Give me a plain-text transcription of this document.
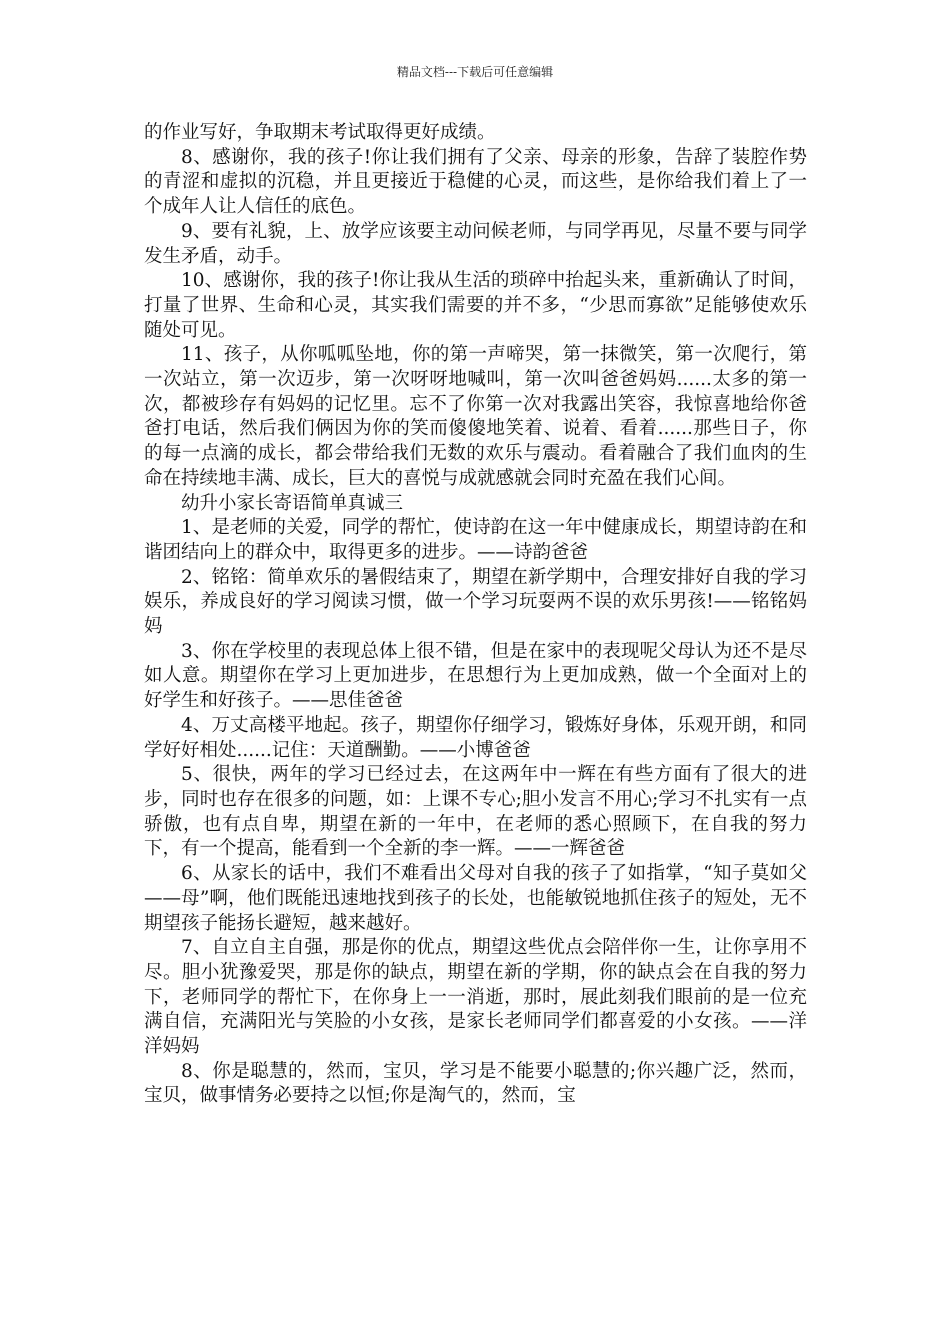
精品文档---下载后可任意编辑

的作业写好，争取期末考试取得更好成绩。

8、感谢你，我的孩子!你让我们拥有了父亲、母亲的形象，告辞了装腔作势的青涩和虚拟的沉稳，并且更接近于稳健的心灵，而这些，是你给我们着上了一个成年人让人信任的底色。

9、要有礼貌，上、放学应该要主动问候老师，与同学再见，尽量不要与同学发生矛盾，动手。

10、感谢你，我的孩子!你让我从生活的琐碎中抬起头来，重新确认了时间，打量了世界、生命和心灵，其实我们需要的并不多，“少思而寡欲”足能够使欢乐随处可见。

11、孩子，从你呱呱坠地，你的第一声啼哭，第一抹微笑，第一次爬行，第一次站立，第一次迈步，第一次呀呀地喊叫，第一次叫爸爸妈妈......太多的第一次，都被珍存有妈妈的记忆里。忘不了你第一次对我露出笑容，我惊喜地给你爸爸打电话，然后我们俩因为你的笑而傻傻地笑着、说着、看着......那些日子，你的每一点滴的成长，都会带给我们无数的欢乐与震动。看着融合了我们血肉的生命在持续地丰满、成长，巨大的喜悦与成就感就会同时充盈在我们心间。

幼升小家长寄语简单真诚三

1、是老师的关爱，同学的帮忙，使诗韵在这一年中健康成长，期望诗韵在和谐团结向上的群众中，取得更多的进步。——诗韵爸爸

2、铭铭：简单欢乐的暑假结束了，期望在新学期中，合理安排好自我的学习娱乐，养成良好的学习阅读习惯，做一个学习玩耍两不误的欢乐男孩!——铭铭妈妈

3、你在学校里的表现总体上很不错，但是在家中的表现呢父母认为还不是尽如人意。期望你在学习上更加进步，在思想行为上更加成熟，做一个全面对上的好学生和好孩子。——思佳爸爸

4、万丈高楼平地起。孩子，期望你仔细学习，锻炼好身体，乐观开朗，和同学好好相处......记住：天道酬勤。——小博爸爸

5、很快，两年的学习已经过去，在这两年中一辉在有些方面有了很大的进步，同时也存在很多的问题，如：上课不专心;胆小发言不用心;学习不扎实有一点骄傲，也有点自卑，期望在新的一年中，在老师的悉心照顾下，在自我的努力下，有一个提高，能看到一个全新的李一辉。——一辉爸爸

6、从家长的话中，我们不难看出父母对自我的孩子了如指掌，“知子莫如父——母”啊，他们既能迅速地找到孩子的长处，也能敏锐地抓住孩子的短处，无不期望孩子能扬长避短，越来越好。

7、自立自主自强，那是你的优点，期望这些优点会陪伴你一生，让你享用不尽。胆小犹豫爱哭，那是你的缺点，期望在新的学期，你的缺点会在自我的努力下，老师同学的帮忙下，在你身上一一消逝，那时，展此刻我们眼前的是一位充满自信，充满阳光与笑脸的小女孩，是家长老师同学们都喜爱的小女孩。——洋洋妈妈

8、你是聪慧的，然而，宝贝，学习是不能要小聪慧的;你兴趣广泛，然而，宝贝，做事情务必要持之以恒;你是淘气的，然而，宝
